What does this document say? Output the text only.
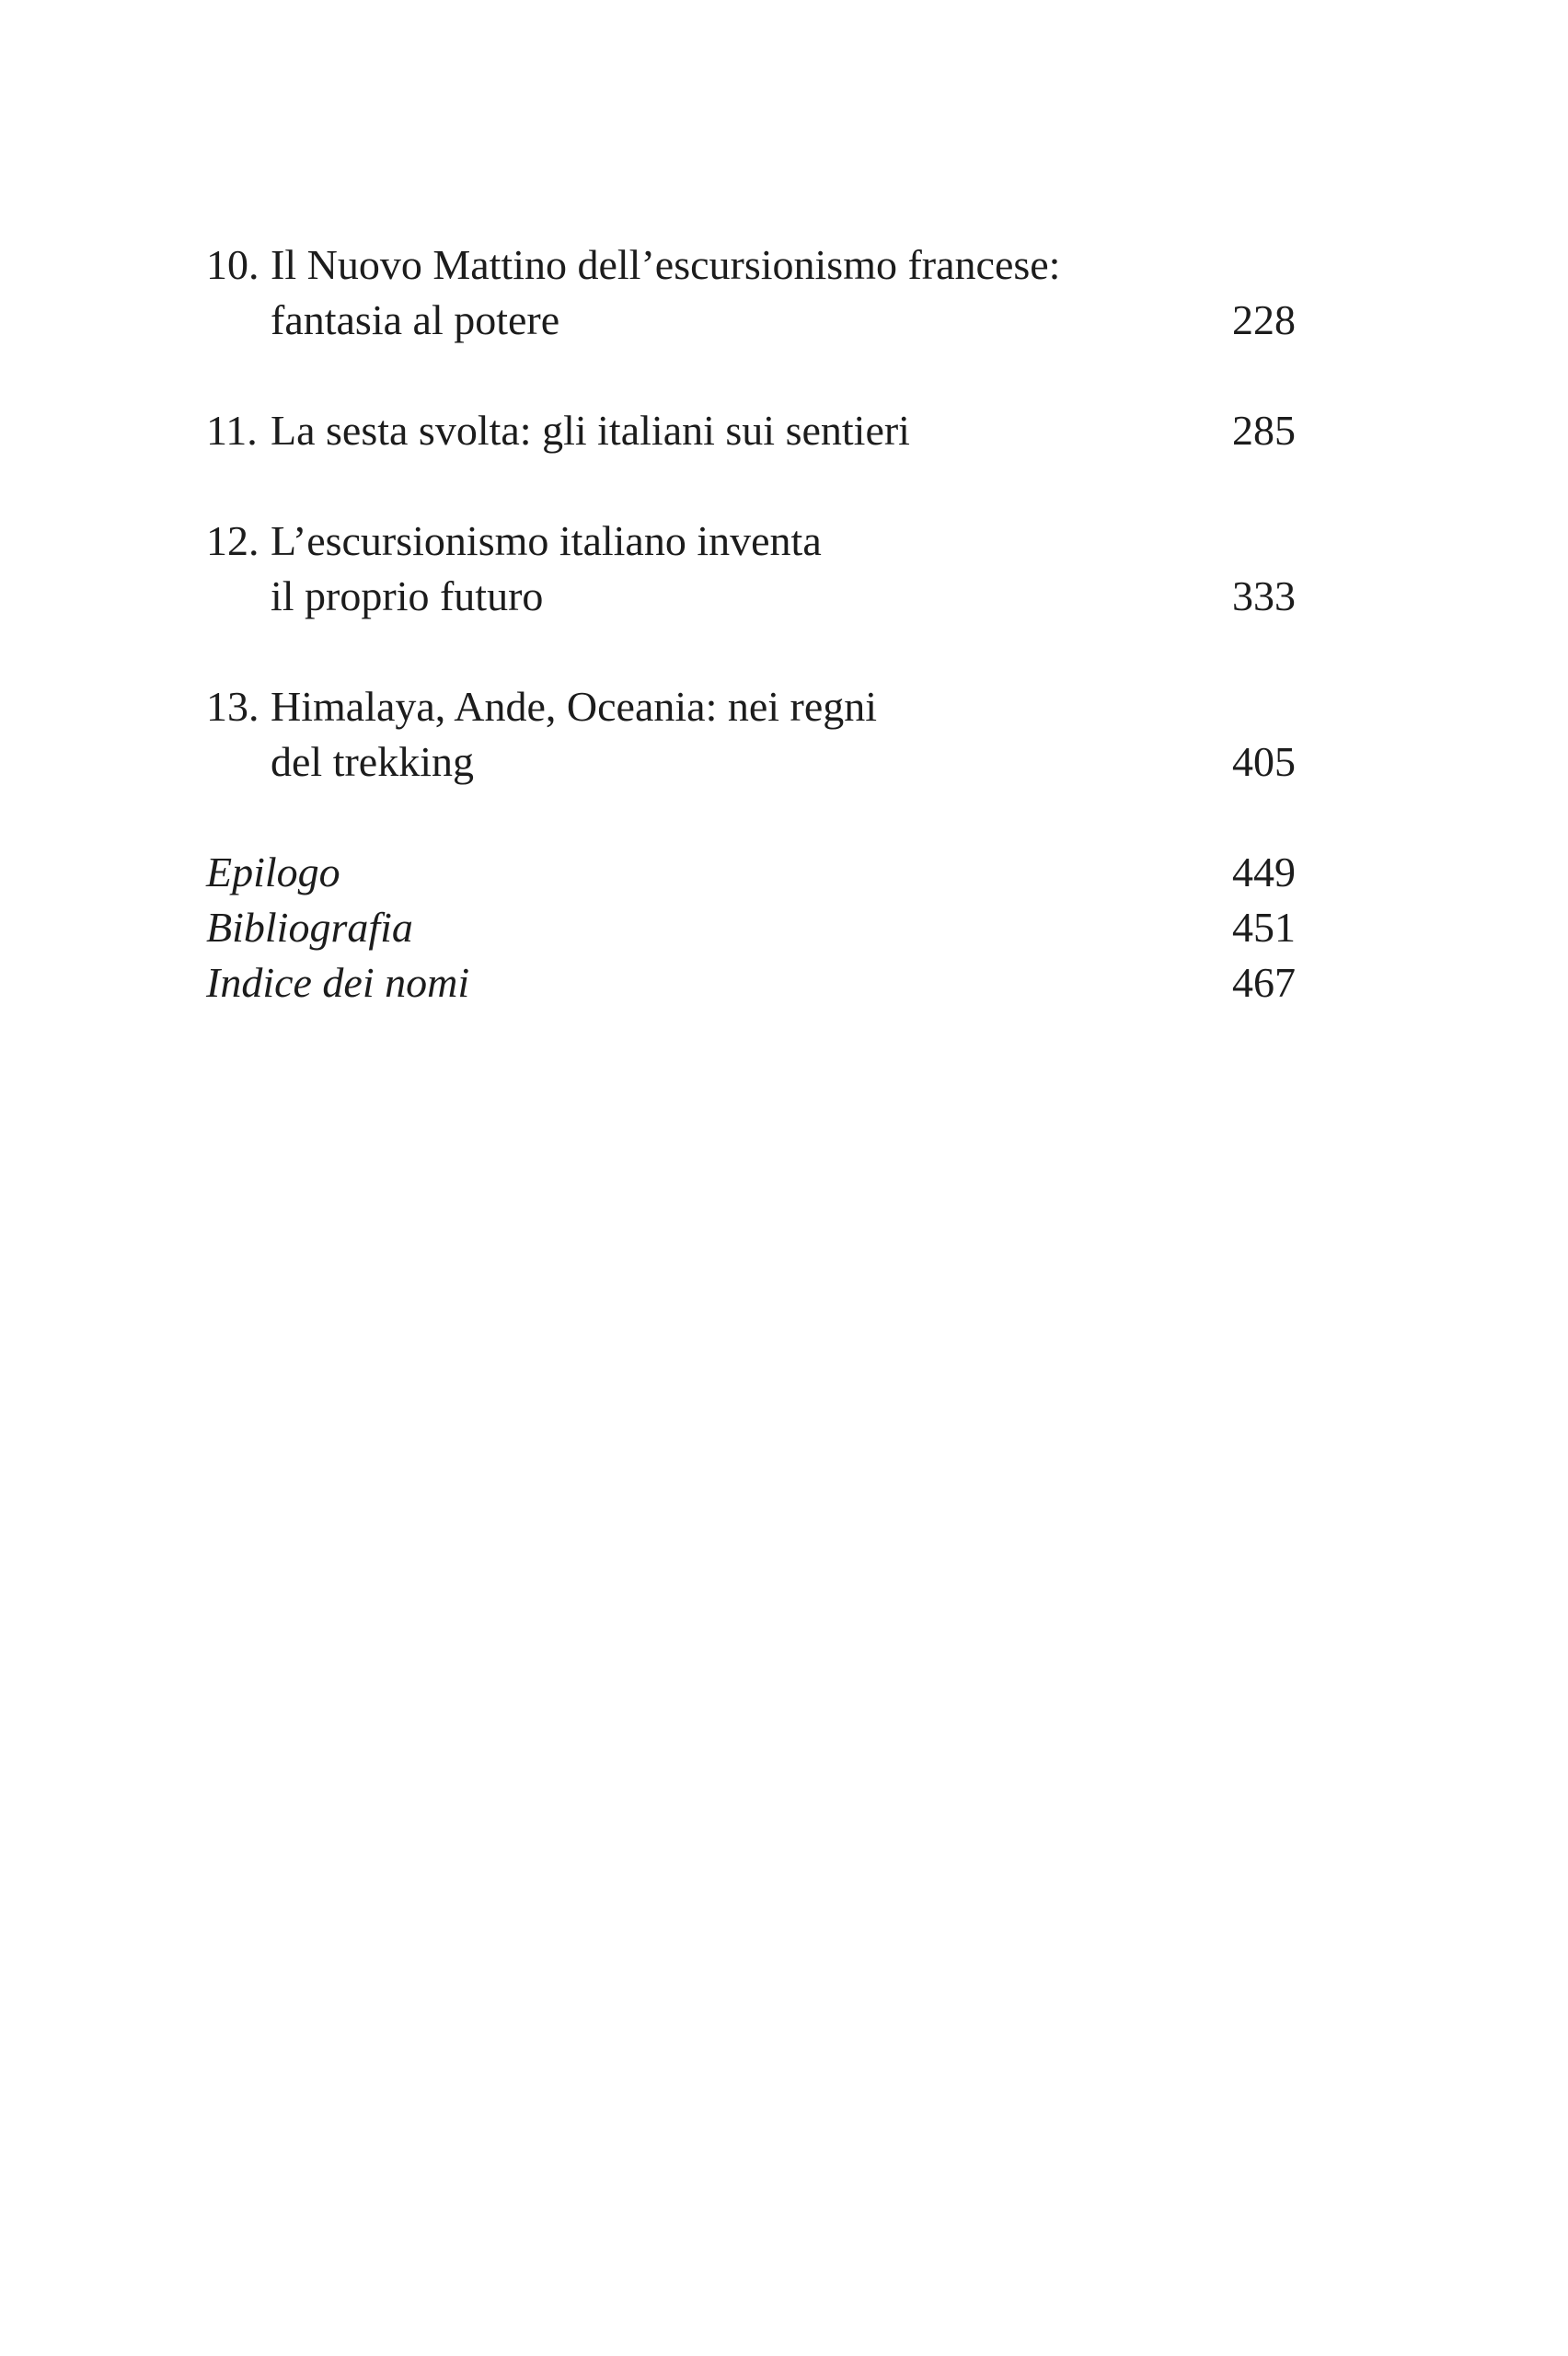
10. Il Nuovo Mattino dell’escursionismo francese:
fantasia al potere	228
11. La sesta svolta: gli italiani sui sentieri	285
12. L’escursionismo italiano inventa
il proprio futuro	333
13. Himalaya, Ande, Oceania: nei regni
del trekking	405
Epilogo	449
Bibliografia	451
Indice dei nomi	467
